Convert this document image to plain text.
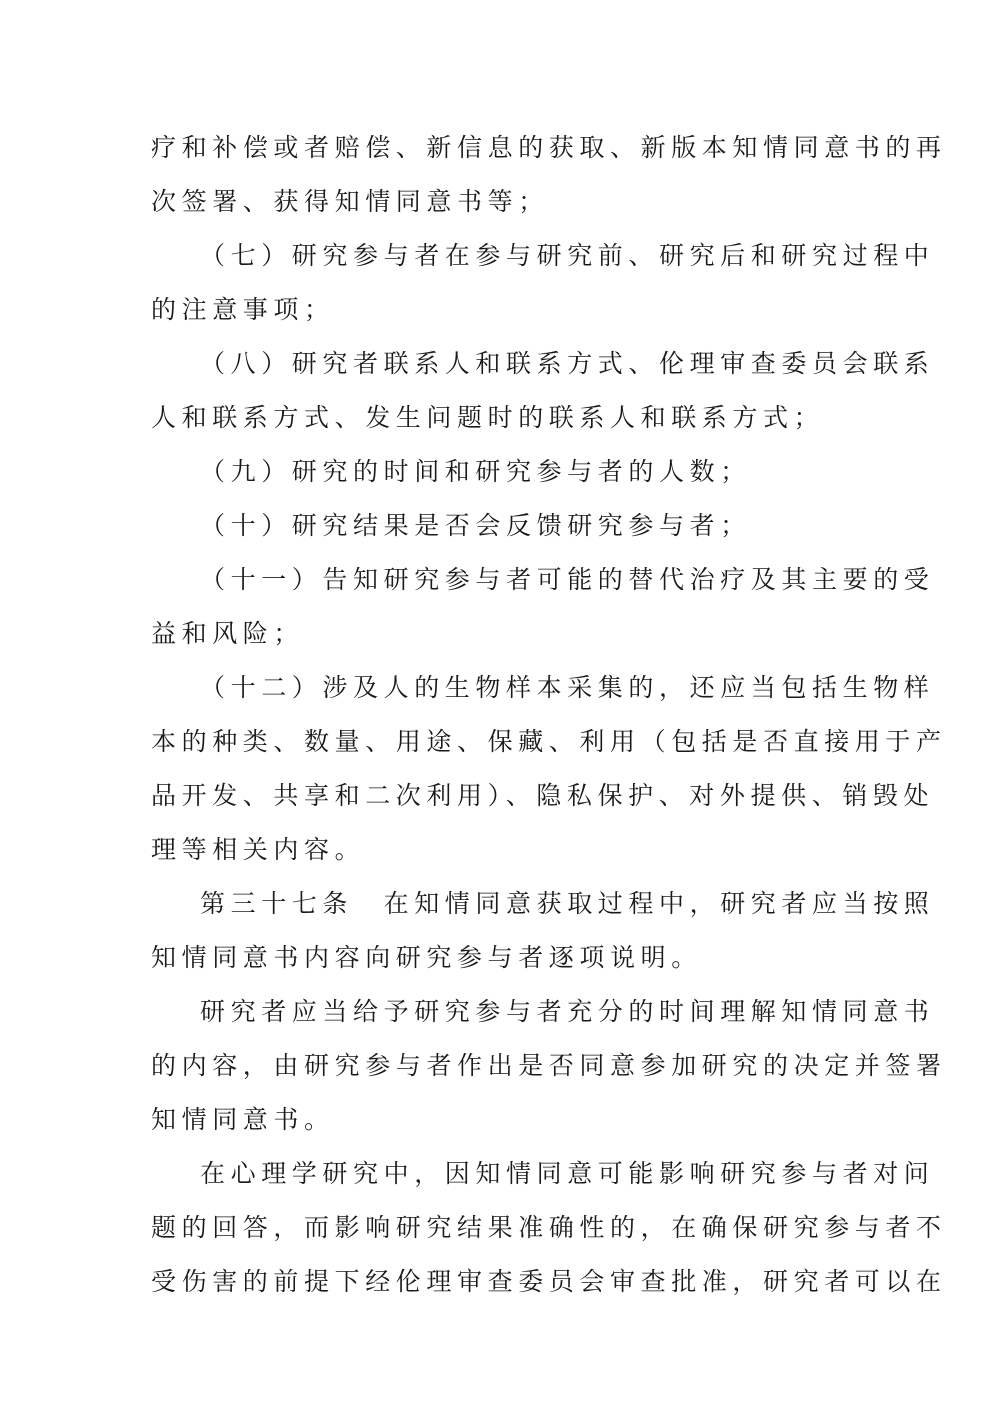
疗和补偿或者赔偿、新信息的获取、新版本知情同意书的再
次签署、获得知情同意书等；
（七）研究参与者在参与研究前、研究后和研究过程中
的注意事项；
（八）研究者联系人和联系方式、伦理审查委员会联系
人和联系方式、发生问题时的联系人和联系方式；
（九）研究的时间和研究参与者的人数；
（十）研究结果是否会反馈研究参与者；
（十一）告知研究参与者可能的替代治疗及其主要的受
益和风险；
（十二）涉及人的生物样本采集的，还应当包括生物样
本的种类、数量、用途、保藏、利用（包括是否直接用于产
品开发、共享和二次利用）、隐私保护、对外提供、销毁处
理等相关内容。
第三十七条　在知情同意获取过程中，研究者应当按照
知情同意书内容向研究参与者逐项说明。
研究者应当给予研究参与者充分的时间理解知情同意书
的内容，由研究参与者作出是否同意参加研究的决定并签署
知情同意书。
在心理学研究中，因知情同意可能影响研究参与者对问
题的回答，而影响研究结果准确性的，在确保研究参与者不
受伤害的前提下经伦理审查委员会审查批准，研究者可以在
